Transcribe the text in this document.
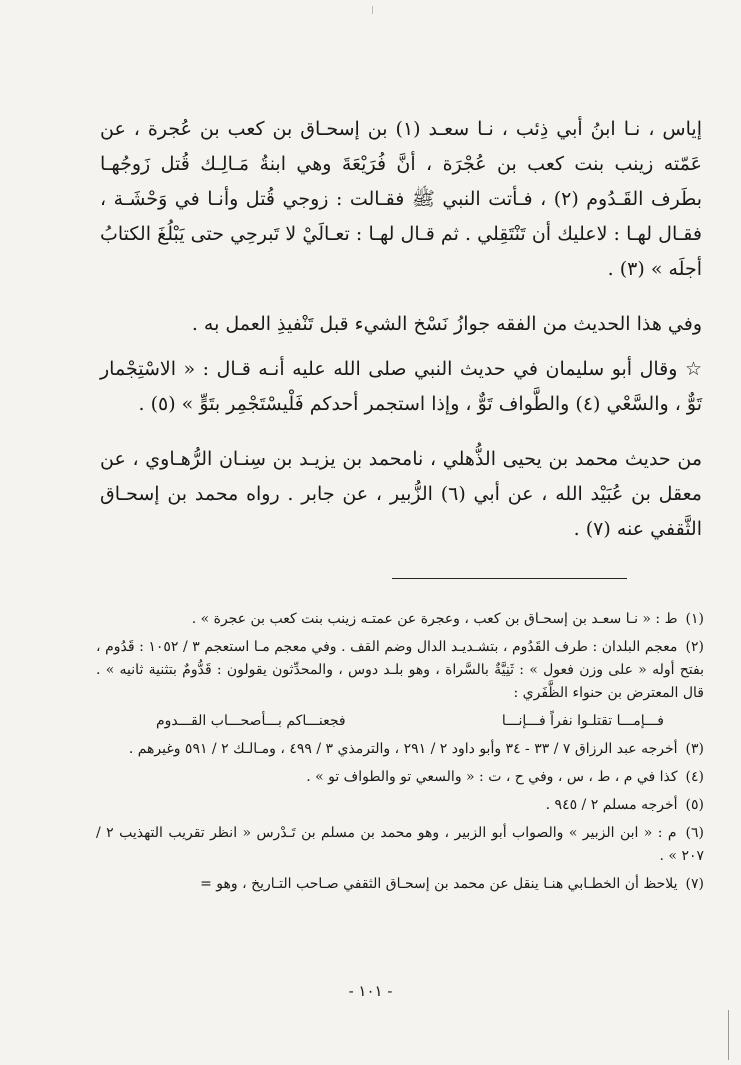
إياس ، نـا ابنُ أبي ذِئب ، نـا سعـد (١) بن إسحـاق بن كعب بن عُجرة ، عن عَمّته زينب بنت كعب بن عُجْرَة ، أنَّ فُرَيْعَةَ وهي ابنةُ مَـالِـك قُتل زَوجُهـا بطَرف القَـدُوم (٢) ، فـأتت النبي ﷺ فقـالت : زوجي قُتل وأنـا في وَحْشَـة ، فقـال لهـا : لاعليك أن تَنْتَقِلي . ثم قـال لهـا : تعـالَيْ لا تَبرحِي حتى يَبْلُغَ الكتابُ أجلَه » (٣) .

وفي هذا الحديث من الفقه جوازُ نَسْخ الشيء قبل تَنْفيذِ العمل به .

☆ وقال أبو سليمان في حديث النبي صلى الله عليه أنـه قـال : « الاسْتِجْمار تَوٌّ ، والسَّعْي (٤) والطَّواف تَوٌّ ، وإذا استجمر أحدكم فَلْيسْتَجْمِر بتَوٍّ » (٥) .

من حديث محمد بن يحيى الذُّهلي ، نامحمد بن يزيـد بن سِنـان الرُّهـاوي ، عن معقل بن عُبَيْد الله ، عن أبي (٦) الزُّبير ، عن جابر . رواه محمد بن إسحـاق الثَّقفي عنه (٧) .

(١) ط : « نـا سعـد بن إسحـاق بن كعب ، وعجرة عن عمتـه زينب بنت كعب بن عجرة » .

(٢) معجم البلدان : طرف القَدُوم ، بتشـديـد الدال وضم القف . وفي معجم مـا استعجم ٣ / ١٠٥٢ : قَدُوم ، بفتح أوله « على وزن فعول » : ثَنِيَّةٌ بالسَّراة ، وهو بلـد دوس ، والمحدِّثون يقولون : قَدُّومٌ بتثنية ثانيه » . قال المعترض بن حنواء الظَّفَري :

فـــإمـــا تقتلـوا نفراً فـــإنـــا
فجعنـــاكم بـــأصحـــاب القـــدوم

(٣) أخرجه عبد الرزاق ٧ / ٣٣ - ٣٤ وأبو داود ٢ / ٢٩١ ، والترمذي ٣ / ٤٩٩ ، ومـالـك ٢ / ٥٩١ وغيرهم .

(٤) كذا في م ، ط ، س ، وفي ح ، ت : « والسعي تو والطواف تو » .

(٥) أخرجه مسلم ٢ / ٩٤٥ .

(٦) م : « ابن الزبير » والصواب أبو الزبير ، وهو محمد بن مسلم بن تَـدْرس « انظر تقريب التهذيب ٢ / ٢٠٧ » .

(٧) يلاحظ أن الخطـابي هنـا ينقل عن محمد بن إسحـاق الثقفي صـاحب التـاريخ ، وهو =

- ١٠١ -
